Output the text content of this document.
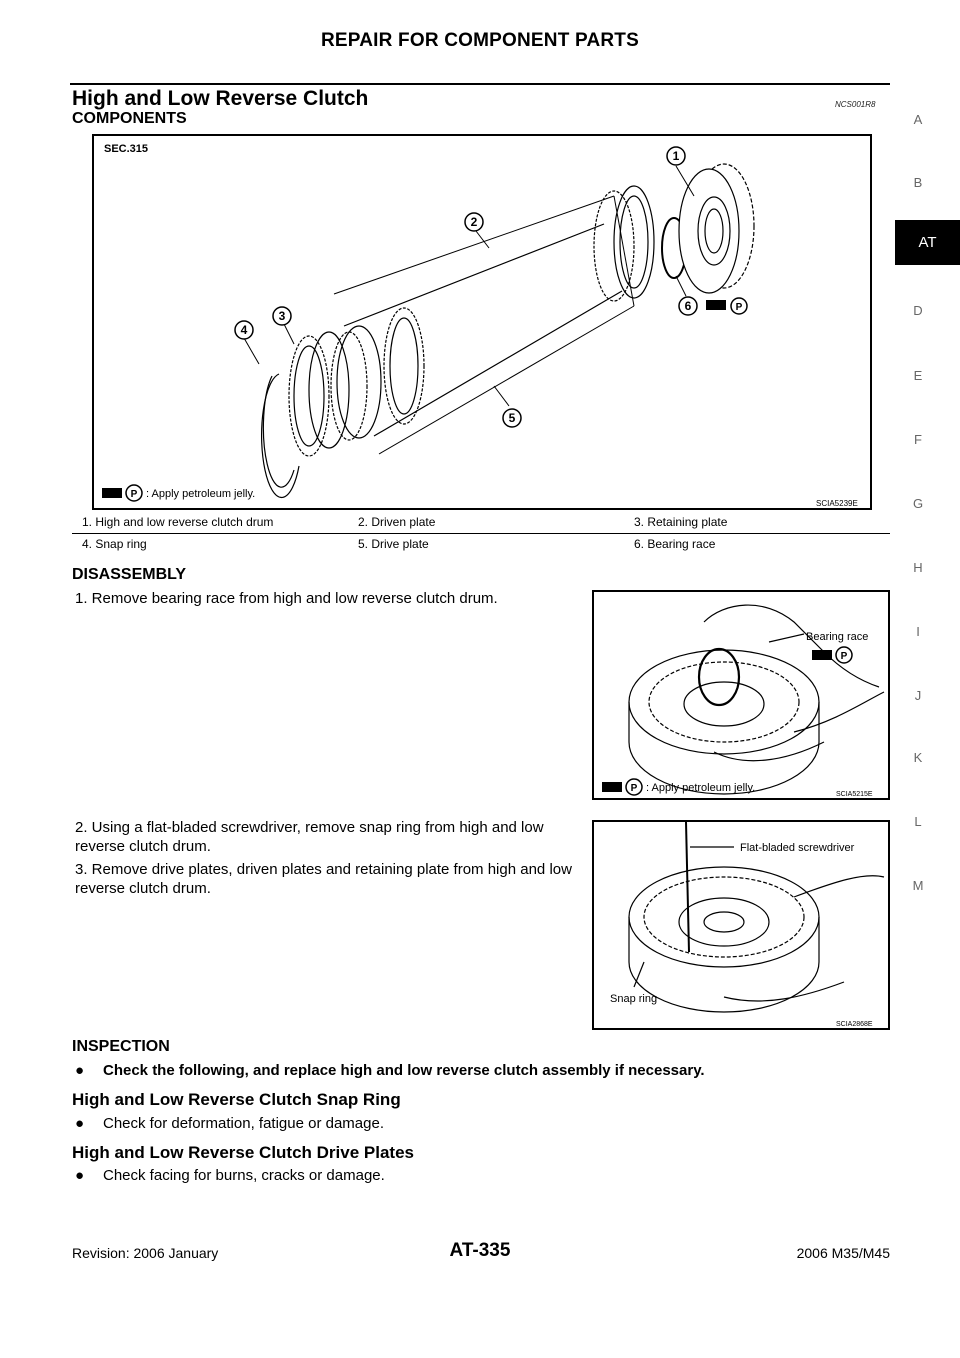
REPAIR FOR COMPONENT PARTS
High and Low Reverse Clutch	NCS001R8
COMPONENTS
SEC.315	1
2
3
4
5
6	P
P : Apply petroleum jelly.
SCIA5239E
1. High and low reverse clutch drum	2. Driven plate	3. Retaining plate
4. Snap ring	5. Drive plate	6. Bearing race
DISASSEMBLY
1. Remove bearing race from high and low reverse clutch drum.
Bearing race
P
P : Apply petroleum jelly.
SCIA5215E
2. Using a flat-bladed screwdriver, remove snap ring from high and low reverse clutch drum.
3. Remove drive plates, driven plates and retaining plate from high and low reverse clutch drum.
Flat-bladed screwdriver
Snap ring
SCIA2868E
INSPECTION
● Check the following, and replace high and low reverse clutch assembly if necessary.
High and Low Reverse Clutch Snap Ring
● Check for deformation, fatigue or damage.
High and Low Reverse Clutch Drive Plates
● Check facing for burns, cracks or damage.
A
B
AT
D
E
F
G
H
I
J
K
L
M
Revision: 2006 January	AT-335	2006 M35/M45
